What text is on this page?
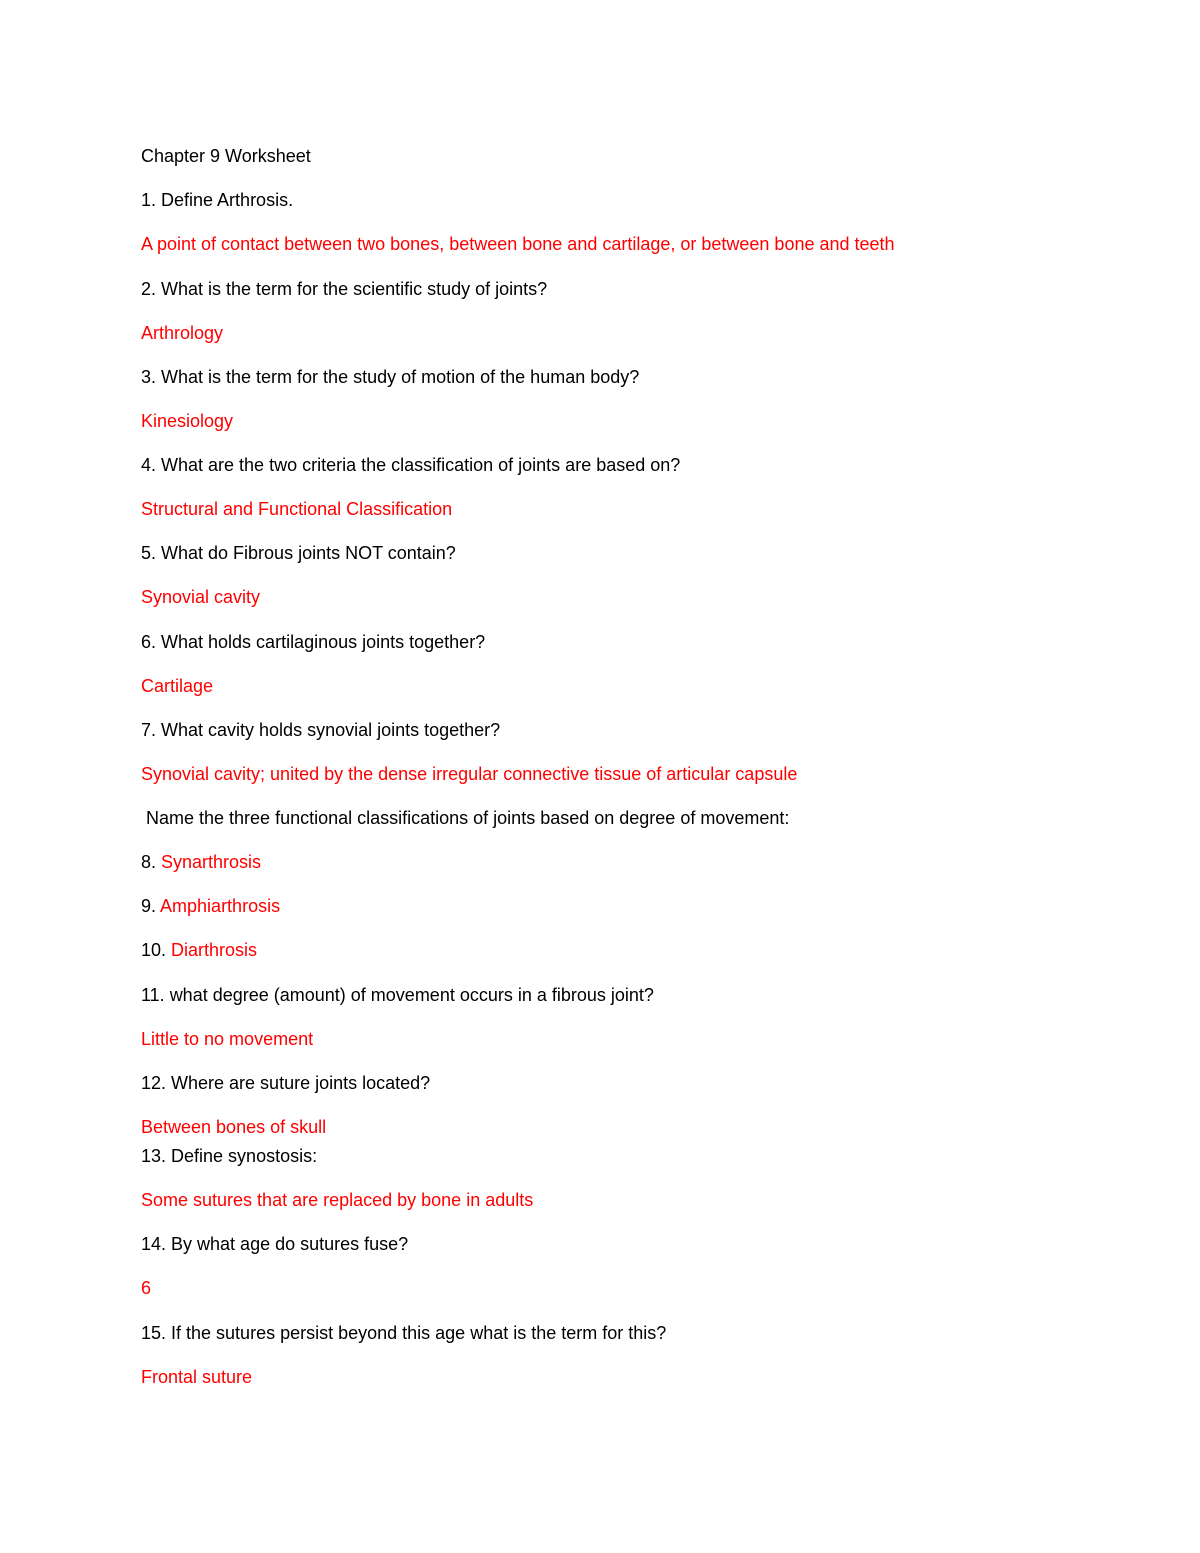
Chapter 9 Worksheet
1. Define Arthrosis.
A point of contact between two bones, between bone and cartilage, or between bone and teeth
2. What is the term for the scientific study of joints?
Arthrology
3. What is the term for the study of motion of the human body?
Kinesiology
4. What are the two criteria the classification of joints are based on?
Structural and Functional Classification
5. What do Fibrous joints NOT contain?
Synovial cavity
6. What holds cartilaginous joints together?
Cartilage
7. What cavity holds synovial joints together?
Synovial cavity; united by the dense irregular connective tissue of articular capsule
Name the three functional classifications of joints based on degree of movement:
8. Synarthrosis
9. Amphiarthrosis
10. Diarthrosis
11. what degree (amount) of movement occurs in a fibrous joint?
Little to no movement
12. Where are suture joints located?
Between bones of skull
13. Define synostosis:
Some sutures that are replaced by bone in adults
14. By what age do sutures fuse?
6
15. If the sutures persist beyond this age what is the term for this?
Frontal suture
